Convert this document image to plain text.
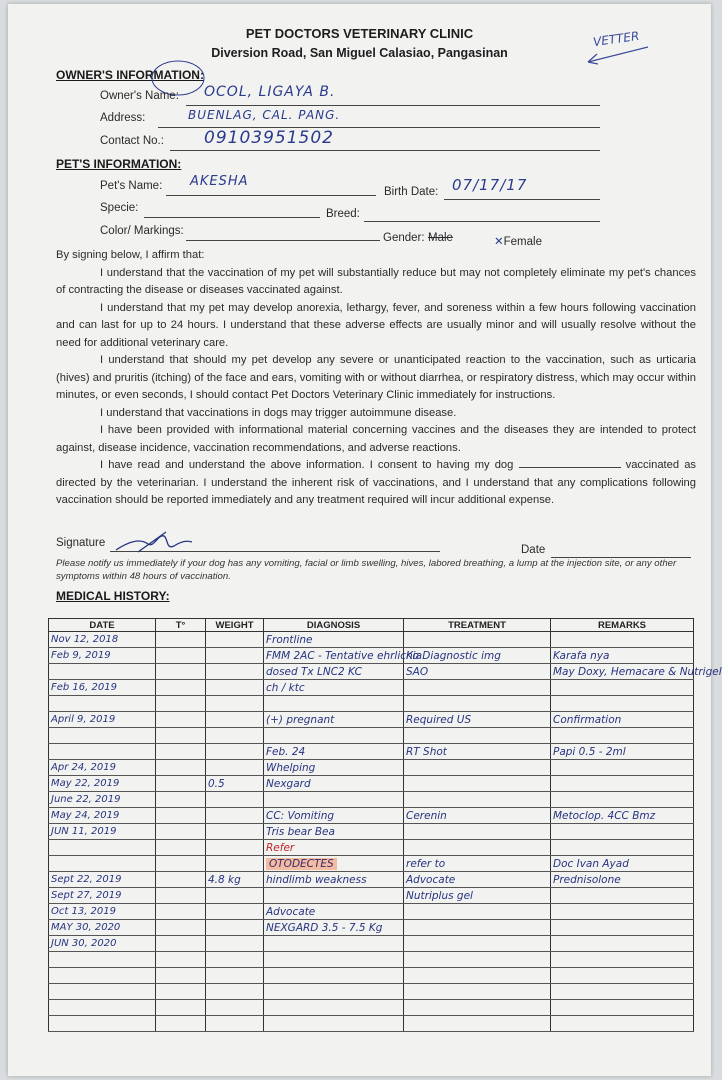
PET DOCTORS VETERINARY CLINIC
Diversion Road, San Miguel Calasiao, Pangasinan
VETTER
OWNER'S INFORMATION:
Owner's Name: OCOL, LIGAYA B.
Address:	BUENLAG, CAL. PANG.
Contact No.: 09103951502
PET'S INFORMATION:
Pet's Name: AKESHA
Birth Date: 07/17/17
Specie:	Breed:
Color/ Markings:
Gender: Male	✕Female

By signing below, I affirm that:

I understand that the vaccination of my pet will substantially reduce but may not completely eliminate my pet's chances of contracting the disease or diseases vaccinated against.

I understand that my pet may develop anorexia, lethargy, fever, and soreness within a few hours following vaccination and can last for up to 24 hours. I understand that these adverse effects are usually minor and will usually resolve without the need for additional veterinary care.

I understand that should my pet develop any severe or unanticipated reaction to the vaccination, such as urticaria (hives) and pruritis (itching) of the face and ears, vomiting with or without diarrhea, or respiratory distress, which may occur within minutes, or even seconds, I should contact Pet Doctors Veterinary Clinic immediately for instructions.

I understand that vaccinations in dogs may trigger autoimmune disease.

I have been provided with informational material concerning vaccines and the diseases they are intended to protect against, disease incidence, vaccination recommendations, and adverse reactions.

I have read and understand the above information. I consent to having my dog	vaccinated as directed by the veterinarian. I understand the inherent risk of vaccinations, and I understand that any complications following vaccination should be reported immediately and any treatment required will incur additional expense.

Signature
Date
Please notify us immediately if your dog has any vomiting, facial or limb swelling, hives, labored breathing, a lump at the injection site, or any other symptoms within 48 hours of vaccination.
MEDICAL HISTORY:
DATE	T°	WEIGHT	DIAGNOSIS	TREATMENT	REMARKS
Nov 12, 2018			Frontline		
Feb 9, 2019			FMM 2AC - Tentative ehrlichia	Ko Diagnostic img	Karafa nya
			dosed Tx LNC2 KC	SAO	May Doxy, Hemacare & Nutrigel
Feb 16, 2019			ch / ktc		

April 9, 2019			(+) pregnant	Required US	Confirmation

			Feb. 24	RT Shot	Papi 0.5 - 2ml
Apr 24, 2019			Whelping		
May 22, 2019		0.5	Nexgard		
June 22, 2019					
May 24, 2019			CC: Vomiting	Cerenin	Metoclop. 4CC Bmz
JUN 11, 2019			Tris bear Bea		
			Refer		
			OTODECTES	refer to	Doc Ivan Ayad
Sept 22, 2019		4.8 kg	hindlimb weakness	Advocate	Prednisolone
Sept 27, 2019				Nutriplus gel	
Oct 13, 2019			Advocate		
MAY 30, 2020			NEXGARD 3.5 - 7.5 Kg		
JUN 30, 2020					
